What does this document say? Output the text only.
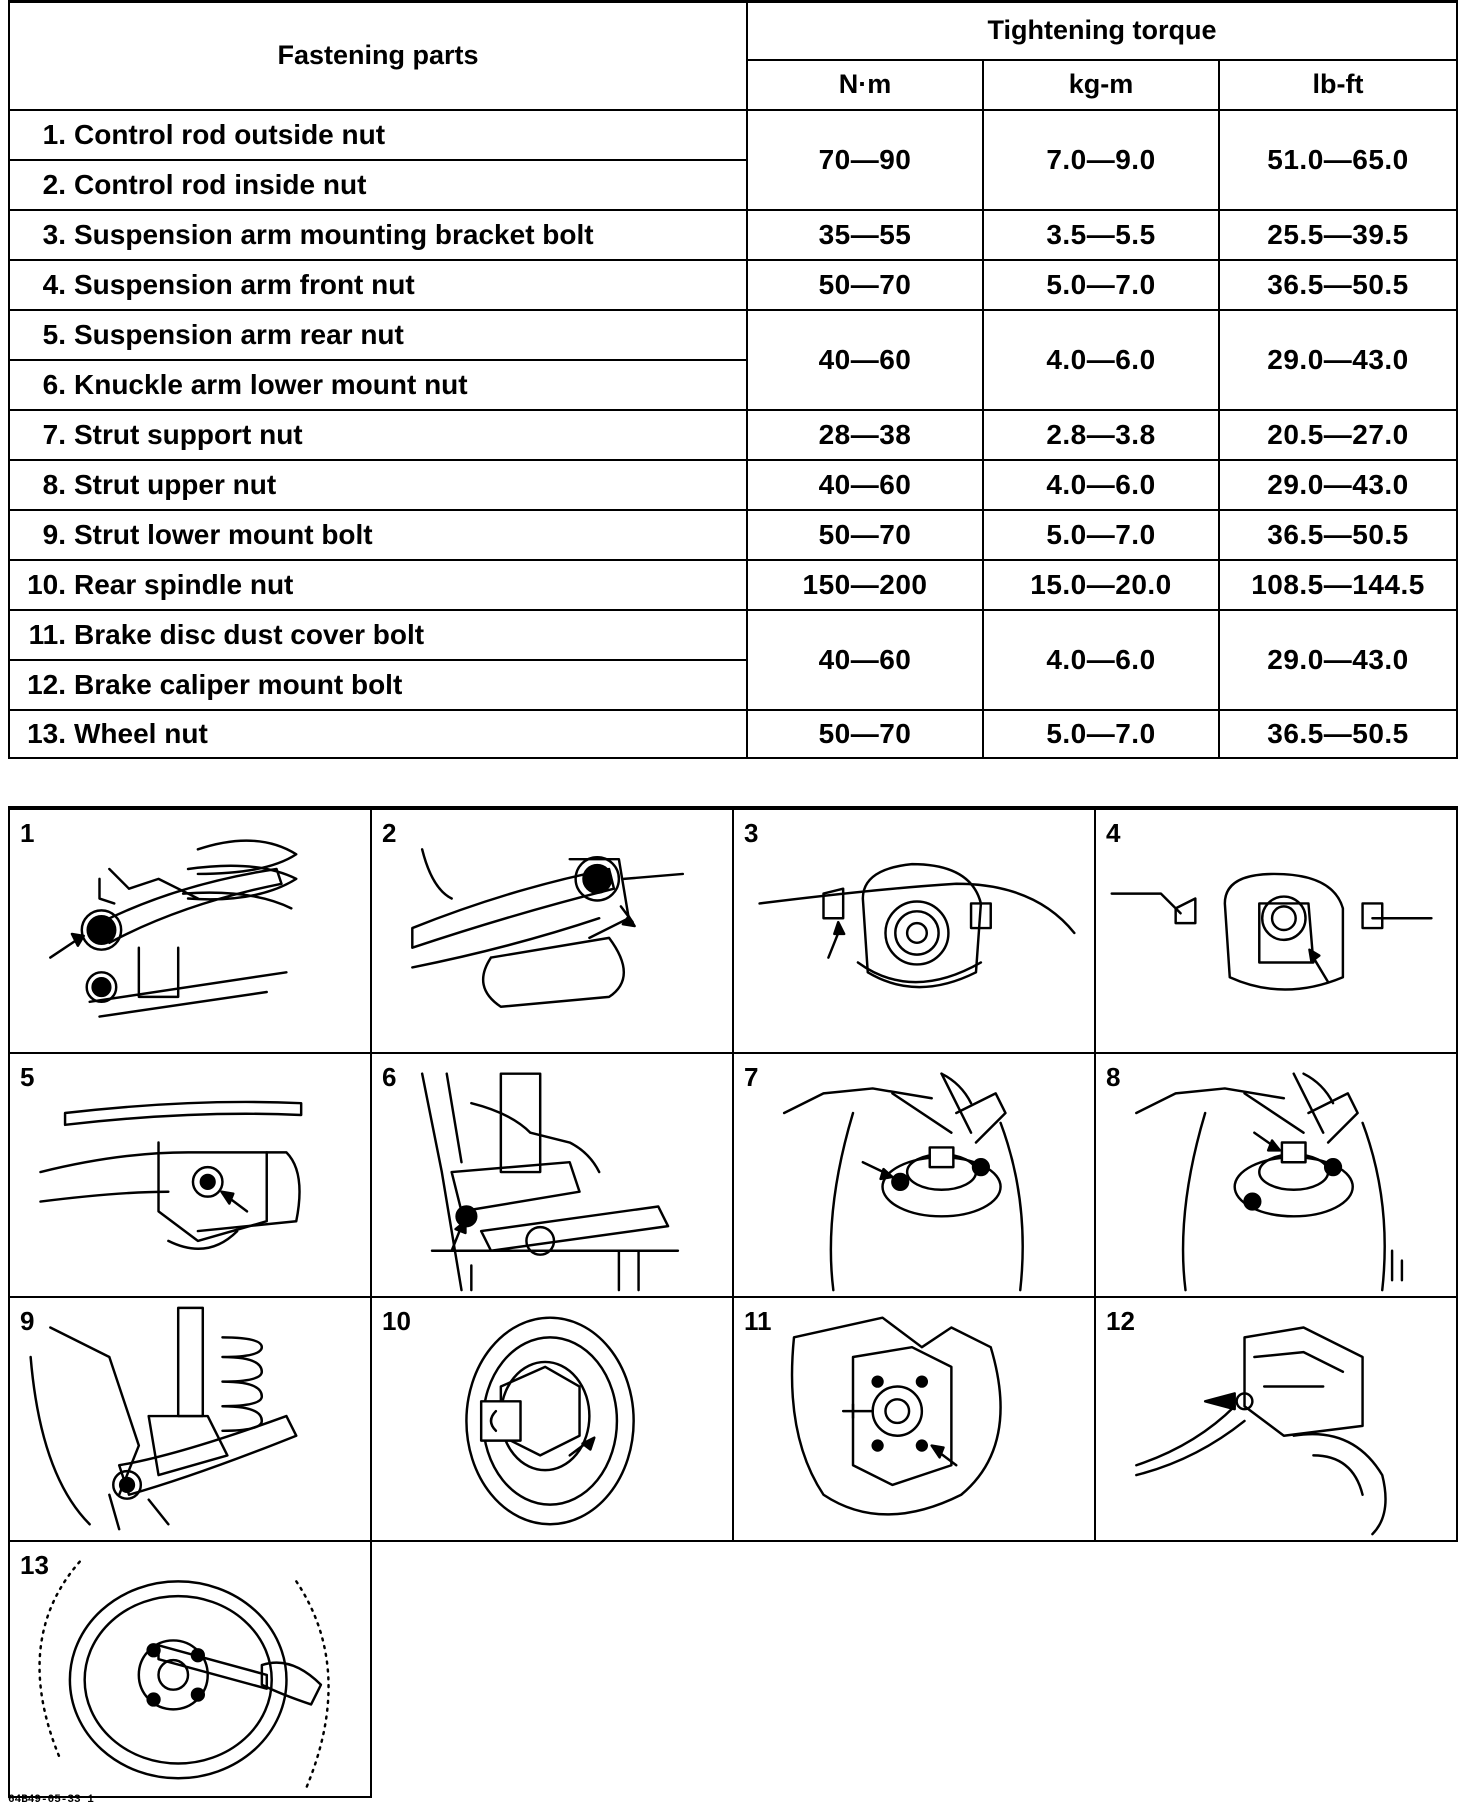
Fastening parts	Tightening torque		
	N·m	kg-m	lb-ft
1. Control rod outside nut	70—90	7.0—9.0	51.0—65.0
2. Control rod inside nut			
3. Suspension arm mounting bracket bolt	35—55	3.5—5.5	25.5—39.5
4. Suspension arm front nut	50—70	5.0—7.0	36.5—50.5
5. Suspension arm rear nut	40—60	4.0—6.0	29.0—43.0
6. Knuckle arm lower mount nut			
7. Strut support nut	28—38	2.8—3.8	20.5—27.0
8. Strut upper nut	40—60	4.0—6.0	29.0—43.0
9. Strut lower mount bolt	50—70	5.0—7.0	36.5—50.5
10. Rear spindle nut	150—200	15.0—20.0	108.5—144.5
11. Brake disc dust cover bolt	40—60	4.0—6.0	29.0—43.0
12. Brake caliper mount bolt			
13. Wheel nut	50—70	5.0—7.0	36.5—50.5
1	2	3	4
5	6	7	8
9	10	11	12
13
64B49-05-33 1
